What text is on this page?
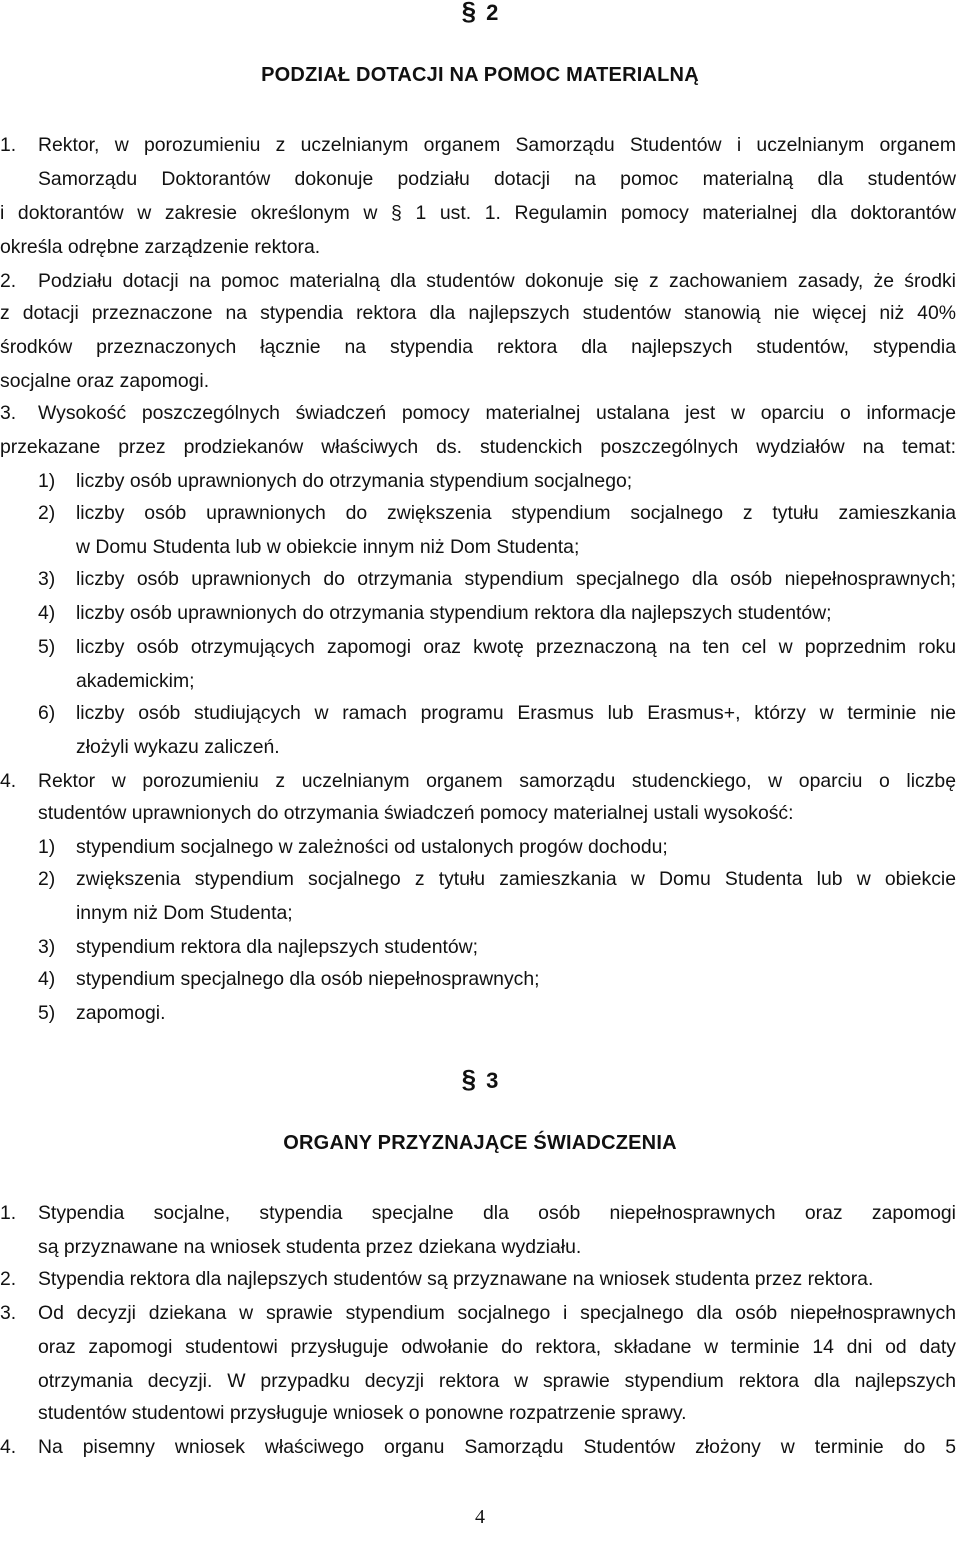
§ 2
PODZIAŁ DOTACJI NA POMOC MATERIALNĄ
1. Rektor, w porozumieniu z uczelnianym organem Samorządu Studentów i uczelnianym organem
Samorządu Doktorantów dokonuje podziału dotacji na pomoc materialną dla studentów
i doktorantów w zakresie określonym w § 1 ust. 1. Regulamin pomocy materialnej dla doktorantów
określa odrębne zarządzenie rektora.
2. Podziału dotacji na pomoc materialną dla studentów dokonuje się z zachowaniem zasady, że środki
z dotacji przeznaczone na stypendia rektora dla najlepszych studentów stanowią nie więcej niż 40%
środków przeznaczonych łącznie na stypendia rektora dla najlepszych studentów, stypendia
socjalne oraz zapomogi.
3. Wysokość poszczególnych świadczeń pomocy materialnej ustalana jest w oparciu o informacje
przekazane przez prodziekanów właściwych ds. studenckich poszczególnych wydziałów na temat:
1) liczby osób uprawnionych do otrzymania stypendium socjalnego;
2) liczby osób uprawnionych do zwiększenia stypendium socjalnego z tytułu zamieszkania
w Domu Studenta lub w obiekcie innym niż Dom Studenta;
3) liczby osób uprawnionych do otrzymania stypendium specjalnego dla osób niepełnosprawnych;
4) liczby osób uprawnionych do otrzymania stypendium rektora dla najlepszych studentów;
5) liczby osób otrzymujących zapomogi oraz kwotę przeznaczoną na ten cel w poprzednim roku
akademickim;
6) liczby osób studiujących w ramach programu Erasmus lub Erasmus+, którzy w terminie nie
złożyli wykazu zaliczeń.
4. Rektor w porozumieniu z uczelnianym organem samorządu studenckiego, w oparciu o liczbę
studentów uprawnionych do otrzymania świadczeń pomocy materialnej ustali wysokość:
1) stypendium socjalnego w zależności od ustalonych progów dochodu;
2) zwiększenia stypendium socjalnego z tytułu zamieszkania w Domu Studenta lub w obiekcie
innym niż Dom Studenta;
3) stypendium rektora dla najlepszych studentów;
4) stypendium specjalnego dla osób niepełnosprawnych;
5) zapomogi.
§ 3
ORGANY PRZYZNAJĄCE ŚWIADCZENIA
1. Stypendia socjalne, stypendia specjalne dla osób niepełnosprawnych oraz zapomogi
są przyznawane na wniosek studenta przez dziekana wydziału.
2. Stypendia rektora dla najlepszych studentów są przyznawane na wniosek studenta przez rektora.
3. Od decyzji dziekana w sprawie stypendium socjalnego i specjalnego dla osób niepełnosprawnych
oraz zapomogi studentowi przysługuje odwołanie do rektora, składane w terminie 14 dni od daty
otrzymania decyzji. W przypadku decyzji rektora w sprawie stypendium rektora dla najlepszych
studentów studentowi przysługuje wniosek o ponowne rozpatrzenie sprawy.
4. Na pisemny wniosek właściwego organu Samorządu Studentów złożony w terminie do 5
4
